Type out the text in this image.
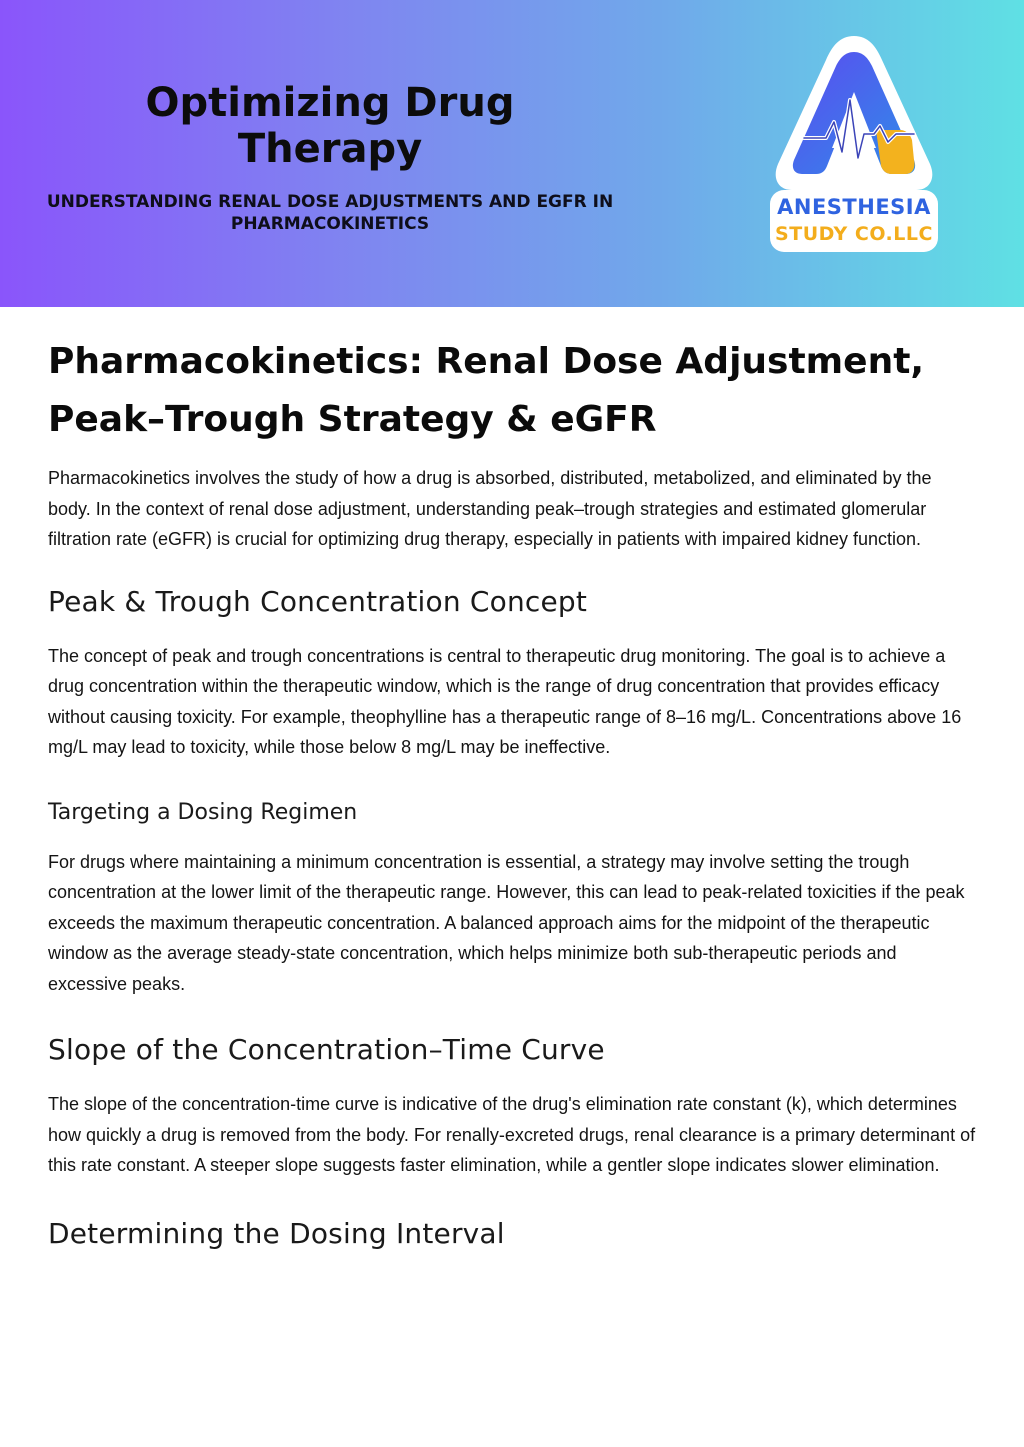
Optimizing Drug Therapy

UNDERSTANDING RENAL DOSE ADJUSTMENTS AND EGFR IN PHARMACOKINETICS

ANESTHESIA
STUDY CO.LLC
Pharmacokinetics: Renal Dose Adjustment, Peak–Trough Strategy & eGFR

Pharmacokinetics involves the study of how a drug is absorbed, distributed, metabolized, and eliminated by the body. In the context of renal dose adjustment, understanding peak–trough strategies and estimated glomerular filtration rate (eGFR) is crucial for optimizing drug therapy, especially in patients with impaired kidney function.

Peak & Trough Concentration Concept

The concept of peak and trough concentrations is central to therapeutic drug monitoring. The goal is to achieve a drug concentration within the therapeutic window, which is the range of drug concentration that provides efficacy without causing toxicity. For example, theophylline has a therapeutic range of 8–16 mg/L. Concentrations above 16 mg/L may lead to toxicity, while those below 8 mg/L may be ineffective.

Targeting a Dosing Regimen

For drugs where maintaining a minimum concentration is essential, a strategy may involve setting the trough concentration at the lower limit of the therapeutic range. However, this can lead to peak-related toxicities if the peak exceeds the maximum therapeutic concentration. A balanced approach aims for the midpoint of the therapeutic window as the average steady-state concentration, which helps minimize both sub-therapeutic periods and excessive peaks.

Slope of the Concentration–Time Curve

The slope of the concentration-time curve is indicative of the drug's elimination rate constant (k), which determines how quickly a drug is removed from the body. For renally-excreted drugs, renal clearance is a primary determinant of this rate constant. A steeper slope suggests faster elimination, while a gentler slope indicates slower elimination.

Determining the Dosing Interval
